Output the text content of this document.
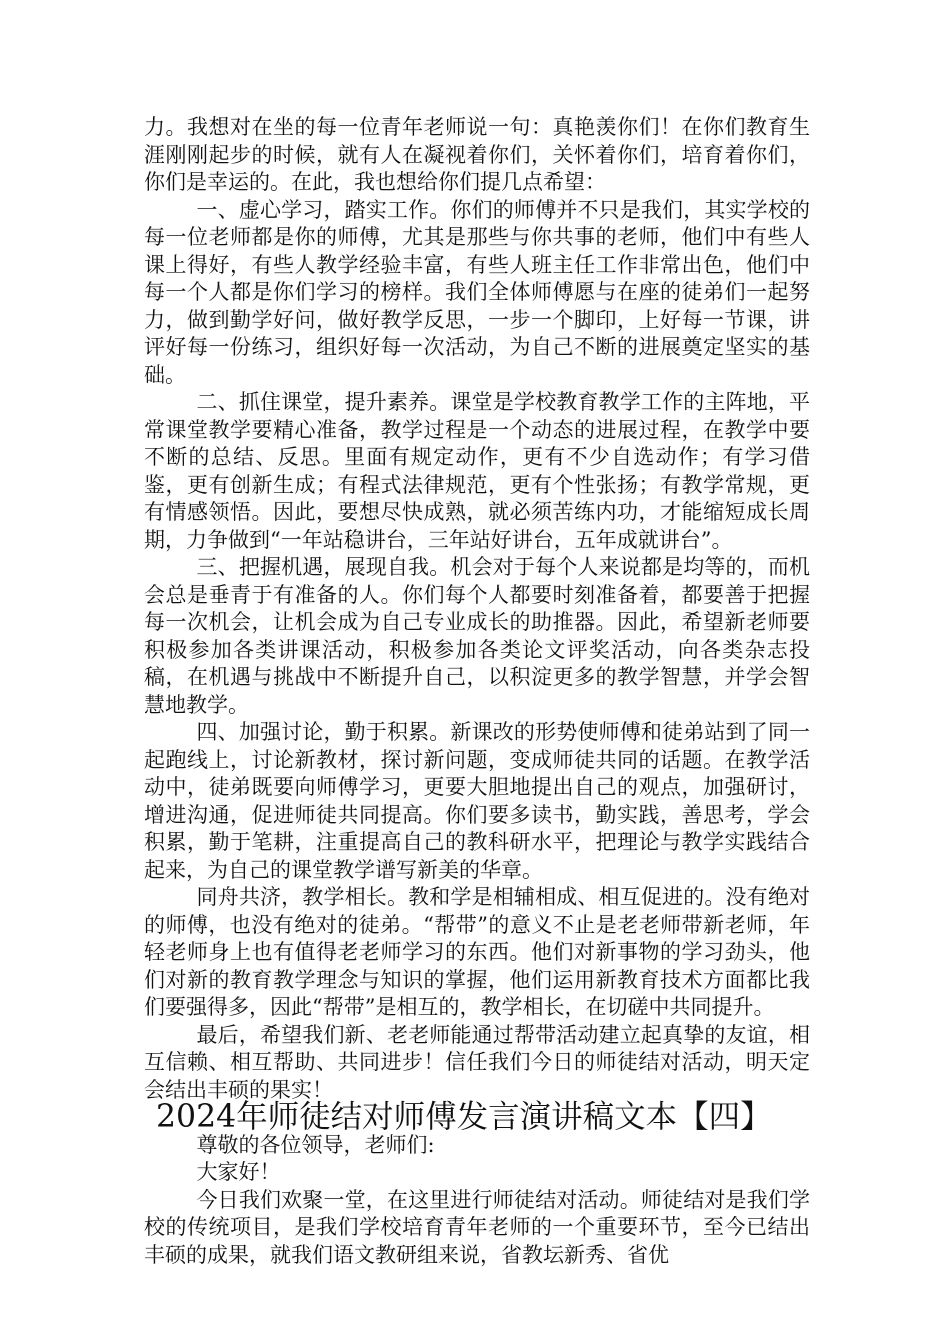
力。我想对在坐的每一位青年老师说一句：真艳羡你们！在你们教育生涯刚刚起步的时候，就有人在凝视着你们，关怀着你们，培育着你们，你们是幸运的。在此，我也想给你们提几点希望：

一、虚心学习，踏实工作。你们的师傅并不只是我们，其实学校的每一位老师都是你的师傅，尤其是那些与你共事的老师，他们中有些人课上得好，有些人教学经验丰富，有些人班主任工作非常出色，他们中每一个人都是你们学习的榜样。我们全体师傅愿与在座的徒弟们一起努力，做到勤学好问，做好教学反思，一步一个脚印，上好每一节课，讲评好每一份练习，组织好每一次活动，为自己不断的进展奠定坚实的基础。

二、抓住课堂，提升素养。课堂是学校教育教学工作的主阵地，平常课堂教学要精心准备，教学过程是一个动态的进展过程，在教学中要不断的总结、反思。里面有规定动作，更有不少自选动作；有学习借鉴，更有创新生成；有程式法律规范，更有个性张扬；有教学常规，更有情感领悟。因此，要想尽快成熟，就必须苦练内功，才能缩短成长周期，力争做到“一年站稳讲台，三年站好讲台，五年成就讲台”。

三、把握机遇，展现自我。机会对于每个人来说都是均等的，而机会总是垂青于有准备的人。你们每个人都要时刻准备着，都要善于把握每一次机会，让机会成为自己专业成长的助推器。因此，希望新老师要积极参加各类讲课活动，积极参加各类论文评奖活动，向各类杂志投稿，在机遇与挑战中不断提升自己，以积淀更多的教学智慧，并学会智慧地教学。

四、加强讨论，勤于积累。新课改的形势使师傅和徒弟站到了同一起跑线上，讨论新教材，探讨新问题，变成师徒共同的话题。在教学活动中，徒弟既要向师傅学习，更要大胆地提出自己的观点，加强研讨，增进沟通，促进师徒共同提高。你们要多读书，勤实践，善思考，学会积累，勤于笔耕，注重提高自己的教科研水平，把理论与教学实践结合起来，为自己的课堂教学谱写新美的华章。

同舟共济，教学相长。教和学是相辅相成、相互促进的。没有绝对的师傅，也没有绝对的徒弟。“帮带”的意义不止是老老师带新老师，年轻老师身上也有值得老老师学习的东西。他们对新事物的学习劲头，他们对新的教育教学理念与知识的掌握，他们运用新教育技术方面都比我们要强得多，因此“帮带”是相互的，教学相长，在切磋中共同提升。

最后，希望我们新、老老师能通过帮带活动建立起真挚的友谊，相互信赖、相互帮助、共同进步！信任我们今日的师徒结对活动，明天定会结出丰硕的果实！

2024年师徒结对师傅发言演讲稿文本【四】

尊敬的各位领导，老师们:

大家好！

今日我们欢聚一堂，在这里进行师徒结对活动。师徒结对是我们学校的传统项目，是我们学校培育青年老师的一个重要环节，至今已结出丰硕的成果，就我们语文教研组来说，省教坛新秀、省优
